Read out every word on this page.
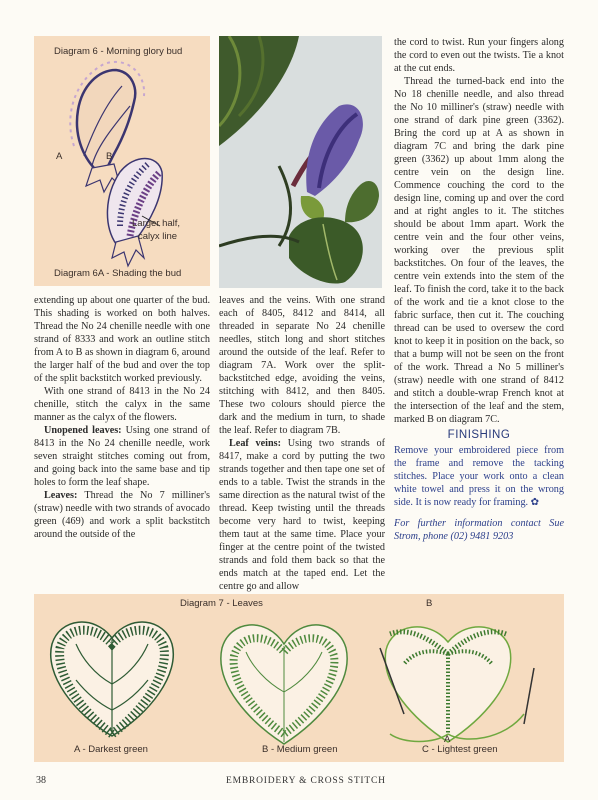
Diagram 6 - Morning glory bud
A	B
Larger half,
calyx line
Diagram 6A - Shading the bud

the cord to twist. Run your fingers along the cord to even out the twists. Tie a knot at the cut ends.

Thread the turned-back end into the No 18 chenille needle, and also thread the No 10 milliner's (straw) needle with one strand of dark pine green (3362). Bring the cord up at A as shown in diagram 7C and bring the dark pine green (3362) up about 1mm along the centre vein on the design line. Commence couching the cord to the design line, coming up and over the cord and at right angles to it. The stitches should be about 1mm apart. Work the centre vein and the four other veins, working over the previous split backstitches. On four of the leaves, the centre vein extends into the stem of the leaf. To finish the cord, take it to the back of the work and tie a knot close to the fabric surface, then cut it. The couching thread can be used to oversew the cord knot to keep it in position on the back, so that a bump will not be seen on the front of the work. Thread a No 5 milliner's (straw) needle with one strand of 8412 and stitch a double-wrap French knot at the intersection of the leaf and the stem, marked B on diagram 7C.

FINISHING

Remove your embroidered piece from the frame and remove the tacking stitches. Place your work onto a clean white towel and press it on the wrong side. It is now ready for framing. ✿

For further information contact Sue Strom, phone (02) 9481 9203

extending up about one quarter of the bud. This shading is worked on both halves. Thread the No 24 chenille needle with one strand of 8333 and work an outline stitch from A to B as shown in diagram 6, around the larger half of the bud and over the top of the split backstitch worked previously.

With one strand of 8413 in the No 24 chenille, stitch the calyx in the same manner as the calyx of the flowers.

Unopened leaves: Using one strand of 8413 in the No 24 chenille needle, work seven straight stitches coming out from, and going back into the same base and tip holes to form the leaf shape.

Leaves: Thread the No 7 milliner's (straw) needle with two strands of avocado green (469) and work a split backstitch around the outside of the

leaves and the veins. With one strand each of 8405, 8412 and 8414, all threaded in separate No 24 chenille needles, stitch long and short stitches around the outside of the leaf. Refer to diagram 7A. Work over the split-backstitched edge, avoiding the veins, stitching with 8412, and then 8405. These two colours should pierce the dark and the medium in turn, to shade the leaf. Refer to diagram 7B.

Leaf veins: Using two strands of 8417, make a cord by putting the two strands together and then tape one set of ends to a table. Twist the strands in the same direction as the natural twist of the thread. Keep twisting until the threads become very hard to twist, keeping them taut at the same time. Place your finger at the centre point of the twisted strands and fold them back so that the ends match at the taped end. Let the centre go and allow

Diagram 7 - Leaves	B
A
A - Darkest green	B - Medium green	C - Lightest green
38	EMBROIDERY & CROSS STITCH
